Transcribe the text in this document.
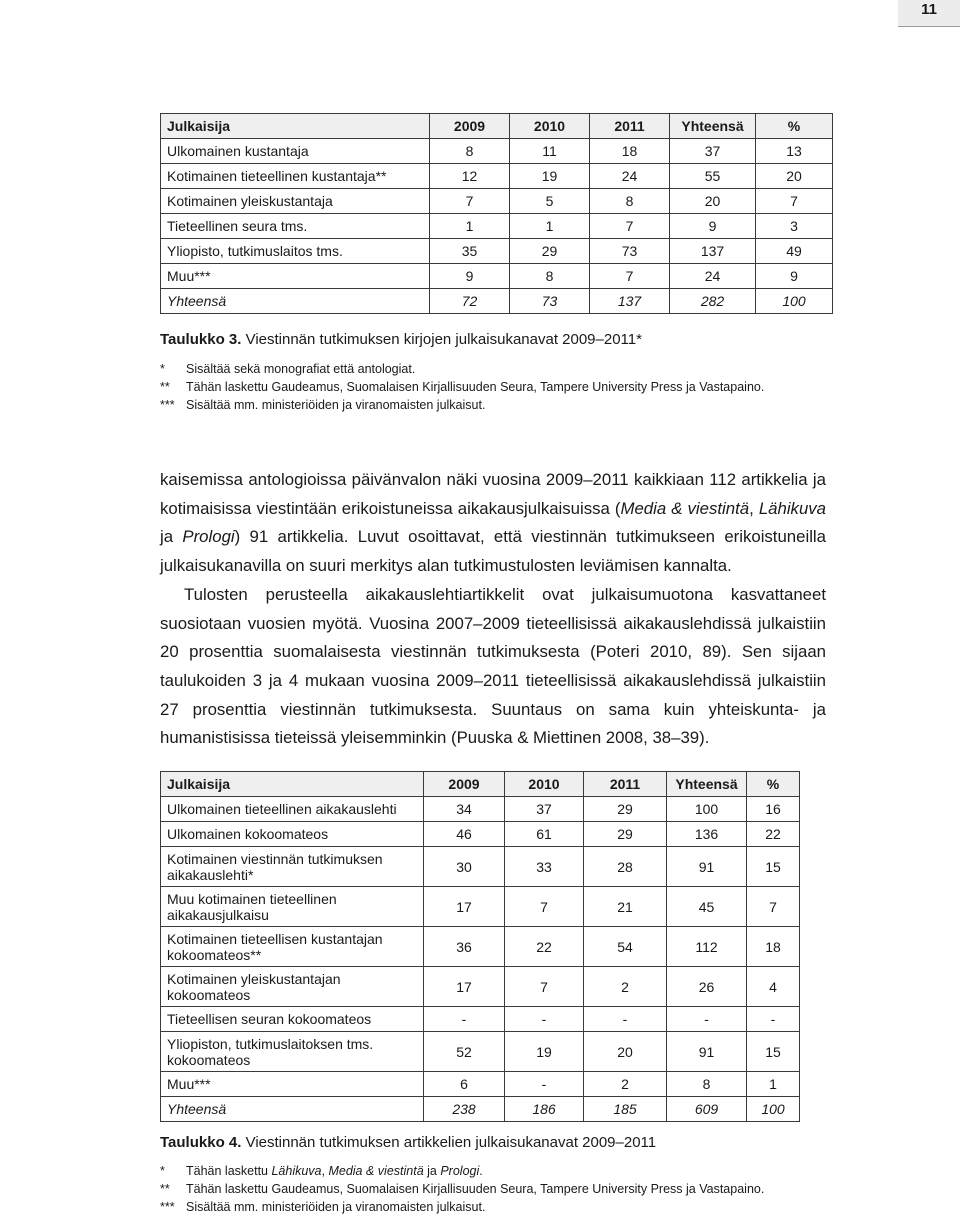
11
Julkaisija	2009	2010	2011	Yhteensä	%
Ulkomainen kustantaja	8	11	18	37	13
Kotimainen tieteellinen kustantaja**	12	19	24	55	20
Kotimainen yleiskustantaja	7	5	8	20	7
Tieteellinen seura tms.	1	1	7	9	3
Yliopisto, tutkimuslaitos tms.	35	29	73	137	49
Muu***	9	8	7	24	9
Yhteensä	72	73	137	282	100
Taulukko 3. Viestinnän tutkimuksen kirjojen julkaisukanavat 2009–2011*
*	Sisältää sekä monografiat että antologiat.
**	Tähän laskettu Gaudeamus, Suomalaisen Kirjallisuuden Seura, Tampere University Press ja Vastapaino.
*** Sisältää mm. ministeriöiden ja viranomaisten julkaisut.

kaisemissa antologioissa päivänvalon näki vuosina 2009–2011 kaikkiaan 112 artikkelia ja kotimaisissa viestintään erikoistuneissa aikakausjulkaisuissa (Media & viestintä, Lähikuva ja Prologi) 91 artikkelia. Luvut osoittavat, että viestinnän tutkimukseen erikoistuneilla julkaisukanavilla on suuri merkitys alan tutkimustulosten leviämisen kannalta.

Tulosten perusteella aikakauslehtiartikkelit ovat julkaisumuotona kasvattaneet suosiotaan vuosien myötä. Vuosina 2007–2009 tieteellisissä aikakauslehdissä julkaistiin 20 prosenttia suomalaisesta viestinnän tutkimuksesta (Poteri 2010, 89). Sen sijaan taulukoiden 3 ja 4 mukaan vuosina 2009–2011 tieteellisissä aikakauslehdissä julkaistiin 27 prosenttia viestinnän tutkimuksesta. Suuntaus on sama kuin yhteiskunta- ja humanistisissa tieteissä yleisemminkin (Puuska & Miettinen 2008, 38–39).

Julkaisija	2009	2010	2011	Yhteensä	%
Ulkomainen tieteellinen aikakauslehti	34	37	29	100	16
Ulkomainen kokoomateos	46	61	29	136	22
Kotimainen viestinnän tutkimuksen aikakauslehti*	30	33	28	91	15
Muu kotimainen tieteellinen aikakausjulkaisu	17	7	21	45	7
Kotimainen tieteellisen kustantajan kokoomateos**	36	22	54	112	18
Kotimainen yleiskustantajan kokoomateos	17	7	2	26	4
Tieteellisen seuran kokoomateos	-	-	-	-	-
Yliopiston, tutkimuslaitoksen tms. kokoomateos	52	19	20	91	15
Muu***	6	-	2	8	1
Yhteensä	238	186	185	609	100
Taulukko 4. Viestinnän tutkimuksen artikkelien julkaisukanavat 2009–2011
*	Tähän laskettu Lähikuva, Media & viestintä ja Prologi.
**	Tähän laskettu Gaudeamus, Suomalaisen Kirjallisuuden Seura, Tampere University Press ja Vastapaino.
*** Sisältää mm. ministeriöiden ja viranomaisten julkaisut.
